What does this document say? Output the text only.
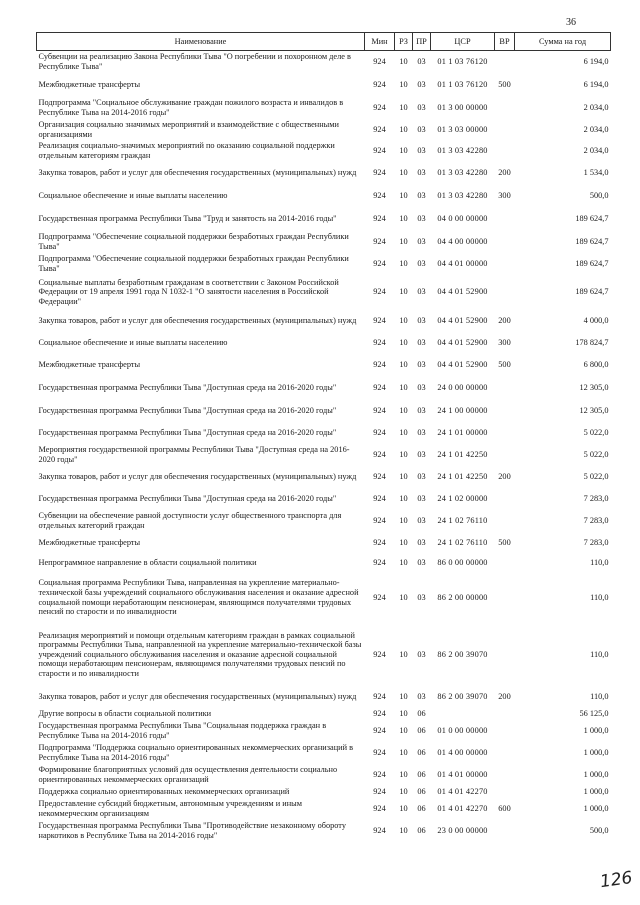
36
Наименование	Мин	РЗ	ПР	ЦСР	ВР	Сумма на год
Субвенции на реализацию Закона Республики Тыва "О погребении и похоронном деле в Республике Тыва"	924	10	03	01 1 03 76120		6 194,0
Межбюджетные трансферты	924	10	03	01 1 03 76120	500	6 194,0
Подпрограмма "Социальное обслуживание граждан пожилого возраста и инвалидов в Республике Тыва на 2014-2016 годы"	924	10	03	01 3 00 00000		2 034,0
Организация социально значимых мероприятий и взаимодействие с общественными организациями	924	10	03	01 3 03 00000		2 034,0
Реализация социально-значимых мероприятий по оказанию социальной поддержки отдельным категориям граждан	924	10	03	01 3 03 42280		2 034,0
Закупка товаров, работ и услуг для обеспечения государственных (муниципальных) нужд	924	10	03	01 3 03 42280	200	1 534,0
Социальное обеспечение и иные выплаты населению	924	10	03	01 3 03 42280	300	500,0
Государственная программа Республики Тыва "Труд и занятость на 2014-2016 годы"	924	10	03	04 0 00 00000		189 624,7
Подпрограмма "Обеспечение социальной поддержки безработных граждан Республики Тыва"	924	10	03	04 4 00 00000		189 624,7
Подпрограмма "Обеспечение социальной поддержки безработных граждан Республики Тыва"	924	10	03	04 4 01 00000		189 624,7
Социальные выплаты безработным гражданам в соответствии с Законом Российской Федерации от 19 апреля 1991 года N 1032-1 "О занятости населения в Российской Федерации"	924	10	03	04 4 01 52900		189 624,7
Закупка товаров, работ и услуг для обеспечения государственных (муниципальных) нужд	924	10	03	04 4 01 52900	200	4 000,0
Социальное обеспечение и иные выплаты населению	924	10	03	04 4 01 52900	300	178 824,7
Межбюджетные трансферты	924	10	03	04 4 01 52900	500	6 800,0
Государственная программа Республики Тыва "Доступная среда на 2016-2020 годы"	924	10	03	24 0 00 00000		12 305,0
Государственная программа Республики Тыва "Доступная среда на 2016-2020 годы"	924	10	03	24 1 00 00000		12 305,0
Государственная программа Республики Тыва "Доступная среда на 2016-2020 годы"	924	10	03	24 1 01 00000		5 022,0
Мероприятия государственной программы Республики Тыва "Доступная среда на 2016-2020 годы"	924	10	03	24 1 01 42250		5 022,0
Закупка товаров, работ и услуг для обеспечения государственных (муниципальных) нужд	924	10	03	24 1 01 42250	200	5 022,0
Государственная программа Республики Тыва "Доступная среда на 2016-2020 годы"	924	10	03	24 1 02 00000		7 283,0
Субвенции на обеспечение равной доступности услуг общественного транспорта для отдельных категорий граждан	924	10	03	24 1 02 76110		7 283,0
Межбюджетные трансферты	924	10	03	24 1 02 76110	500	7 283,0
Непрограммное направление в области социальной политики	924	10	03	86 0 00 00000		110,0
Социальная программа Республики Тыва, направленная на укрепление материально-технической базы учреждений социального обслуживания населения и оказание адресной социальной помощи неработающим пенсионерам, являющимся получателями трудовых пенсий по старости и по инвалидности	924	10	03	86 2 00 00000		110,0
Реализация мероприятий и помощи отдельным категориям граждан в рамках социальной программы Республики Тыва, направленной на укрепление материально-технической базы учреждений социального обслуживания населения и оказание адресной социальной помощи неработающим пенсионерам, являющимся получателями трудовых пенсий по старости и по инвалидности	924	10	03	86 2 00 39070		110,0
Закупка товаров, работ и услуг для обеспечения государственных (муниципальных) нужд	924	10	03	86 2 00 39070	200	110,0
Другие вопросы в области социальной политики	924	10	06			56 125,0
Государственная программа Республики Тыва "Социальная поддержка граждан в Республике Тыва на 2014-2016 годы"	924	10	06	01 0 00 00000		1 000,0
Подпрограмма "Поддержка социально ориентированных некоммерческих организаций в Республике Тыва на 2014-2016 годы"	924	10	06	01 4 00 00000		1 000,0
Формирование благоприятных условий для осуществления деятельности социально ориентированных некоммерческих организаций	924	10	06	01 4 01 00000		1 000,0
Поддержка социально ориентированных некоммерческих организаций	924	10	06	01 4 01 42270		1 000,0
Предоставление субсидий бюджетным, автономным учреждениям и иным некоммерческим организациям	924	10	06	01 4 01 42270	600	1 000,0
Государственная программа Республики Тыва "Противодействие незаконному обороту наркотиков в Республике Тыва на 2014-2016 годы"	924	10	06	23 0 00 00000		500,0
126
